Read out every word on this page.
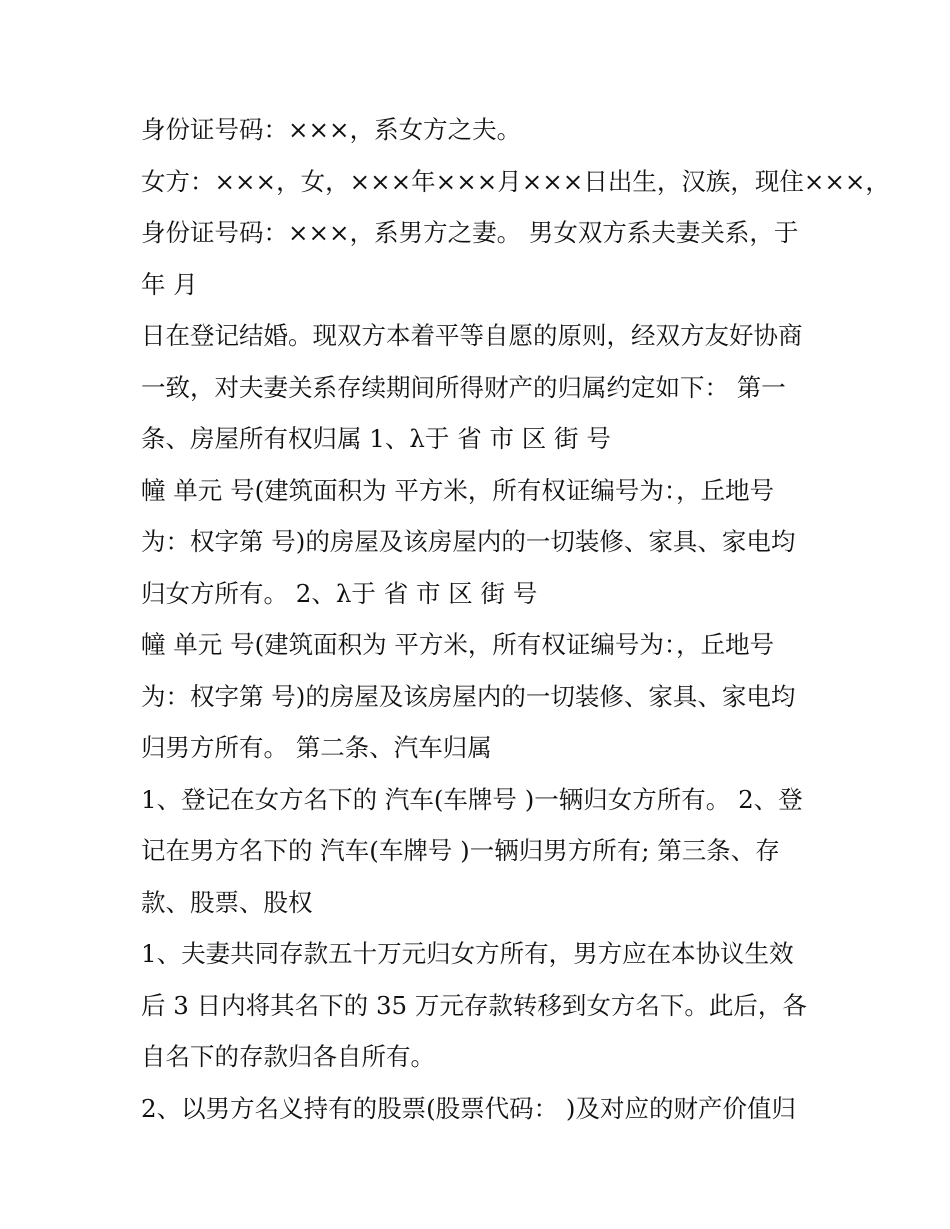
身份证号码：×××，系女方之夫。
女方：×××，女，×××年×××月×××日出生，汉族，现住×××，
身份证号码：×××，系男方之妻。 男女双方系夫妻关系，于
年 月
日在登记结婚。现双方本着平等自愿的原则，经双方友好协商
一致，对夫妻关系存续期间所得财产的归属约定如下： 第一
条、房屋所有权归属 1、λ于 省 市 区 街 号
幢 单元 号(建筑面积为 平方米，所有权证编号为：，丘地号
为：权字第 号)的房屋及该房屋内的一切装修、家具、家电均
归女方所有。 2、λ于 省 市 区 街 号
幢 单元 号(建筑面积为 平方米，所有权证编号为：，丘地号
为：权字第 号)的房屋及该房屋内的一切装修、家具、家电均
归男方所有。 第二条、汽车归属
1、登记在女方名下的 汽车(车牌号 )一辆归女方所有。 2、登
记在男方名下的 汽车(车牌号 )一辆归男方所有; 第三条、存
款、股票、股权
1、夫妻共同存款五十万元归女方所有，男方应在本协议生效
后 3 日内将其名下的 35 万元存款转移到女方名下。此后，各
自名下的存款归各自所有。
2、以男方名义持有的股票(股票代码： )及对应的财产价值归
